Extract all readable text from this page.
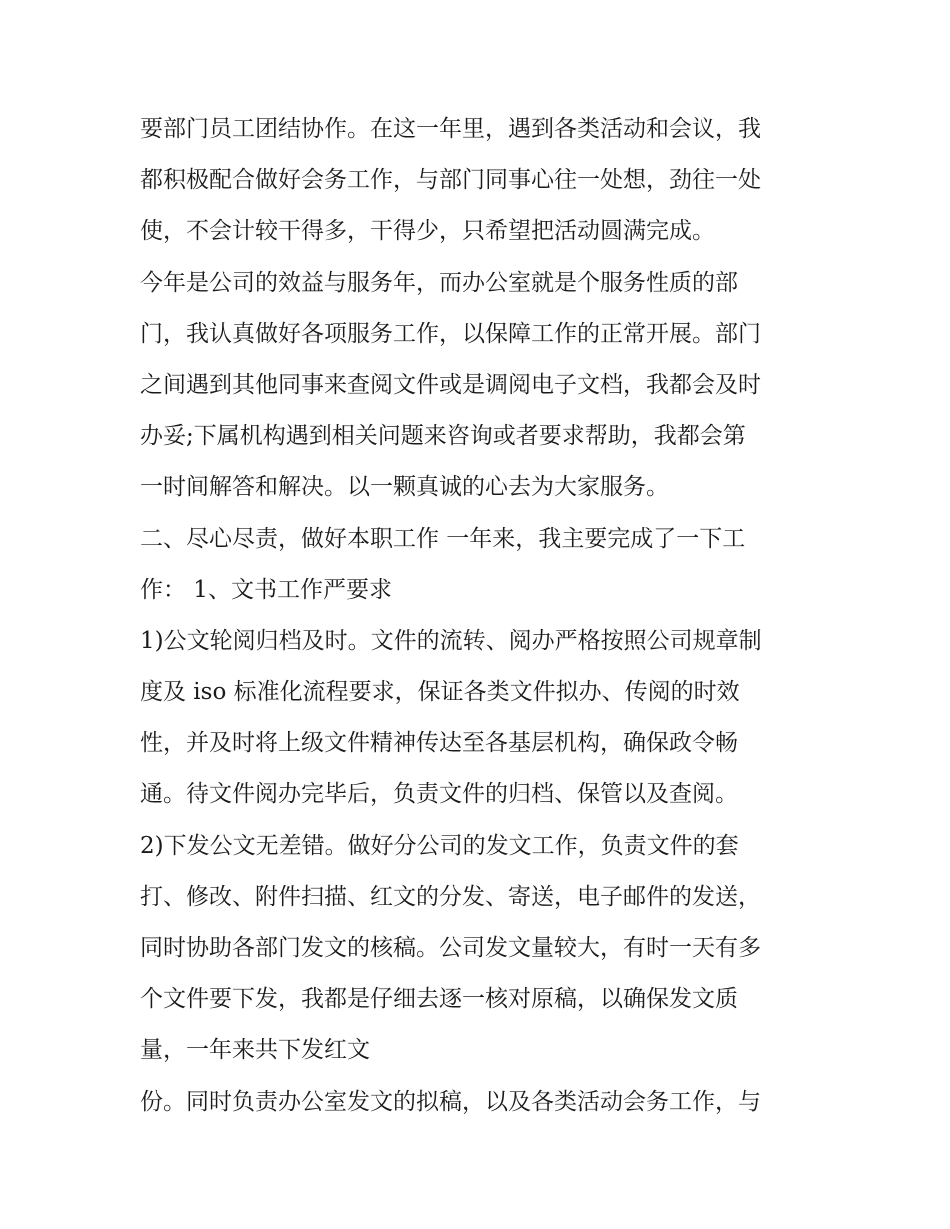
要部门员工团结协作。在这一年里，遇到各类活动和会议，我
都积极配合做好会务工作，与部门同事心往一处想，劲往一处
使，不会计较干得多，干得少，只希望把活动圆满完成。
今年是公司的效益与服务年，而办公室就是个服务性质的部
门，我认真做好各项服务工作，以保障工作的正常开展。部门
之间遇到其他同事来查阅文件或是调阅电子文档，我都会及时
办妥;下属机构遇到相关问题来咨询或者要求帮助，我都会第
一时间解答和解决。以一颗真诚的心去为大家服务。
二、尽心尽责，做好本职工作 一年来，我主要完成了一下工
作： 1、文书工作严要求
1)公文轮阅归档及时。文件的流转、阅办严格按照公司规章制
度及 iso 标准化流程要求，保证各类文件拟办、传阅的时效
性，并及时将上级文件精神传达至各基层机构，确保政令畅
通。待文件阅办完毕后，负责文件的归档、保管以及查阅。
2)下发公文无差错。做好分公司的发文工作，负责文件的套
打、修改、附件扫描、红文的分发、寄送，电子邮件的发送，
同时协助各部门发文的核稿。公司发文量较大，有时一天有多
个文件要下发，我都是仔细去逐一核对原稿，以确保发文质
量，一年来共下发红文
份。同时负责办公室发文的拟稿，以及各类活动会务工作，与
